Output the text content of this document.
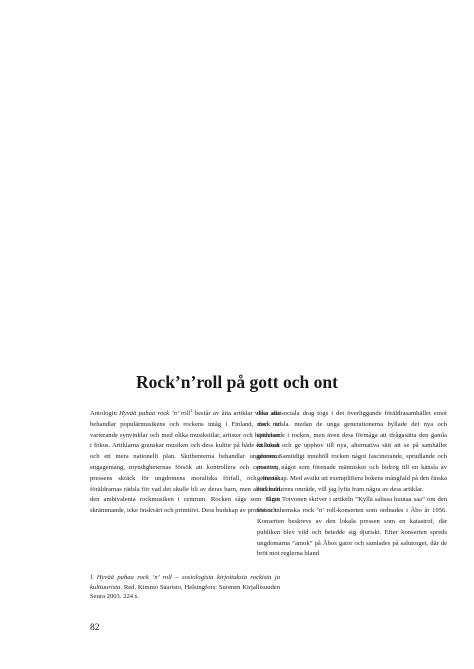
Rock’n’roll på gott och ont

Antologin Hyvää pahaa rock ’n’ roll$^1$ består av åtta artiklar vilka alla behandlar populärmusikens och rockens intåg i Finland, dock ur varierande synvinklar och med olika musikstilar, artister och händelser i fokus. Artiklarna granskar musiken och dess kultur på både ett lokalt och ett mera nationellt plan. Skribenterna behandlar ungdomens engagemang, myndigheternas försök att kontrollera och censurera, pressens skräck för ungdomens moraliska förfall, och förstås föräldrarnas rädsla för vad det skulle bli av deras barn, men alltid med den ambivalenta rockmusiken i centrum. Rocken sågs som något skrämmande, icke önskvärt och primitivt. Dess budskap av protest och

dess antisociala drag togs i det överliggande föräldrasamhället emot med rädsla. medan de unga generationerna hyllade det nya och spännande i rocken, men även dess förmåga att ifrågasätta den gamla kulturen och ge upphov till nya, alternativa sätt att se på samhället genom. Samtidigt innehöll rocken något fascinerande, sprudlande och positivt, något som förenade människor och bidrog till en känsla av gemenskap. Med avsikt att exemplifiera bokens mångfald på den finska rockkulturens område, vill jag lyfta fram några av dess artiklar.

Timo Toivonen skriver i artikeln ”Kyllä salissa huutaa saa” om den första inhemska rock ’n’ roll-konserten som ordnades i Åbo år 1956. Konserten beskrevs av den lokala pressen som en katastrof, där publiken blev vild och betedde sig djuriskt. Efter konserten spreds ungdomarna ”amok” på Åbos gator och samlades på salutorget, där de bröt mot reglerna bland

1 Hyvää pahaa rock ’n’ roll – sosiologisia kirjoituksia rockista ja kulttuurista. Red. Kimmo Saaristo, Helsingfors: Suomen Kirjallisuuden Seura 2003. 224 s.

82
